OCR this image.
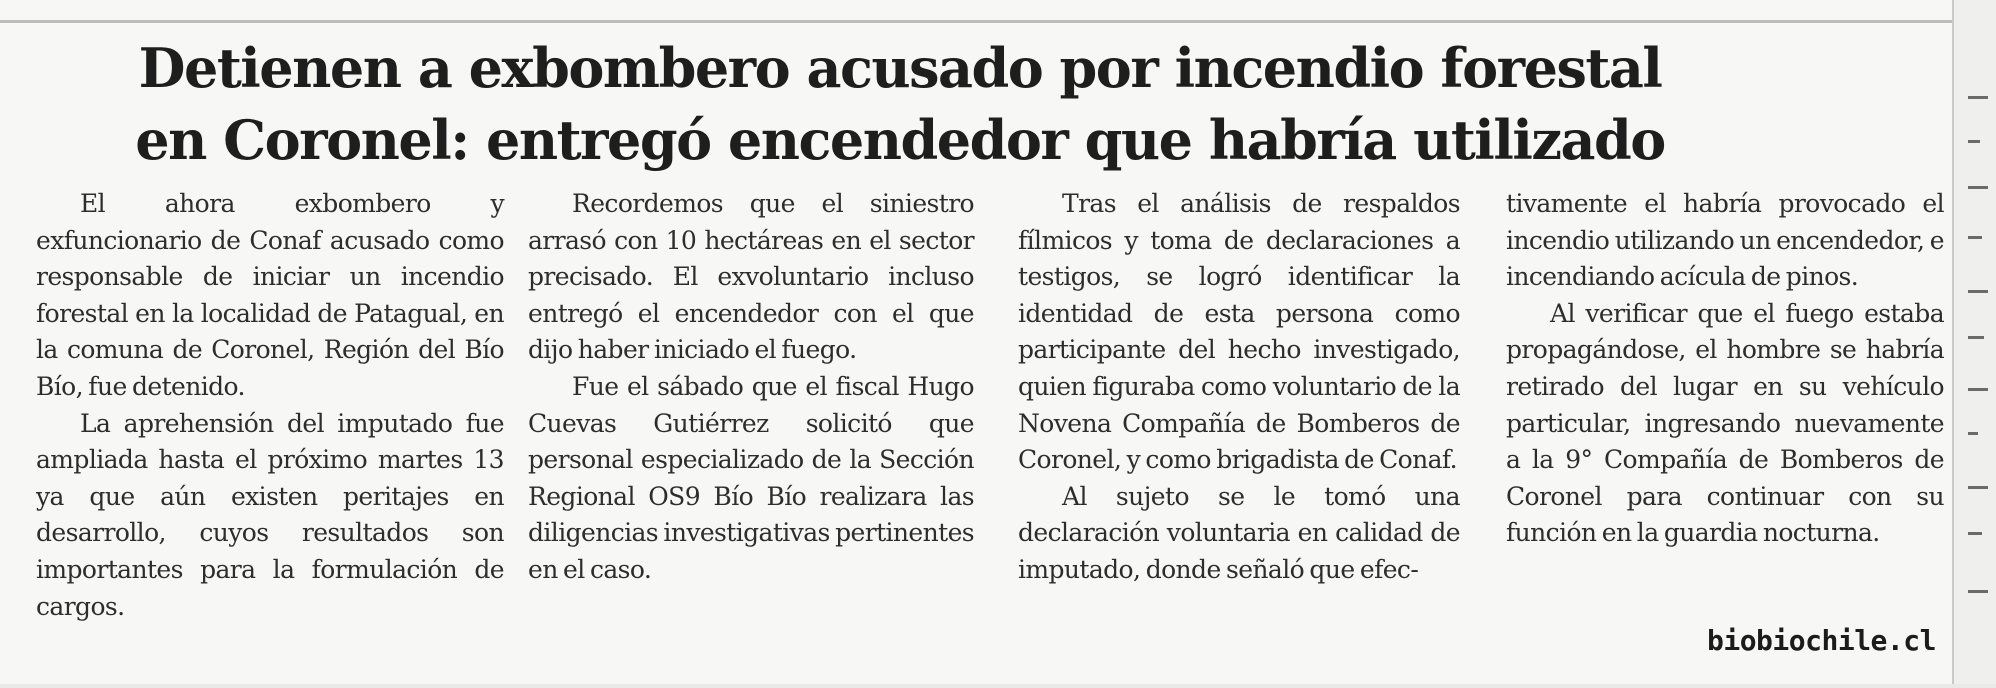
Detienen a exbombero acusado por incendio forestal
en Coronel: entregó encendedor que habría utilizado

El ahora exbombero y exfuncionario de Conaf acusado como responsable de iniciar un incendio forestal en la localidad de Patagual, en la comuna de Coronel, Región del Bío Bío, fue detenido.

La aprehensión del imputado fue ampliada hasta el próximo martes 13 ya que aún existen peritajes en desarrollo, cuyos resultados son importantes para la formulación de cargos.

Recordemos que el siniestro arrasó con 10 hectáreas en el sector precisado. El exvoluntario incluso entregó el encendedor con el que dijo haber iniciado el fuego.

Fue el sábado que el fiscal Hugo Cuevas Gutiérrez solicitó que personal especializado de la Sección Regional OS9 Bío Bío realizara las diligencias investigativas pertinentes en el caso.

Tras el análisis de respaldos fílmicos y toma de declaraciones a testigos, se logró identificar la identidad de esta persona como participante del hecho investigado, quien figuraba como voluntario de la Novena Compañía de Bomberos de Coronel, y como brigadista de Conaf.

Al sujeto se le tomó una declaración voluntaria en calidad de imputado, donde señaló que efec-

tivamente el habría provocado el incendio utilizando un encendedor, e incendiando acícula de pinos.

Al verificar que el fuego estaba propagándose, el hombre se habría retirado del lugar en su vehículo particular, ingresando nuevamente a la 9° Compañía de Bomberos de Coronel para continuar con su función en la guardia nocturna.

biobiochile.cl
